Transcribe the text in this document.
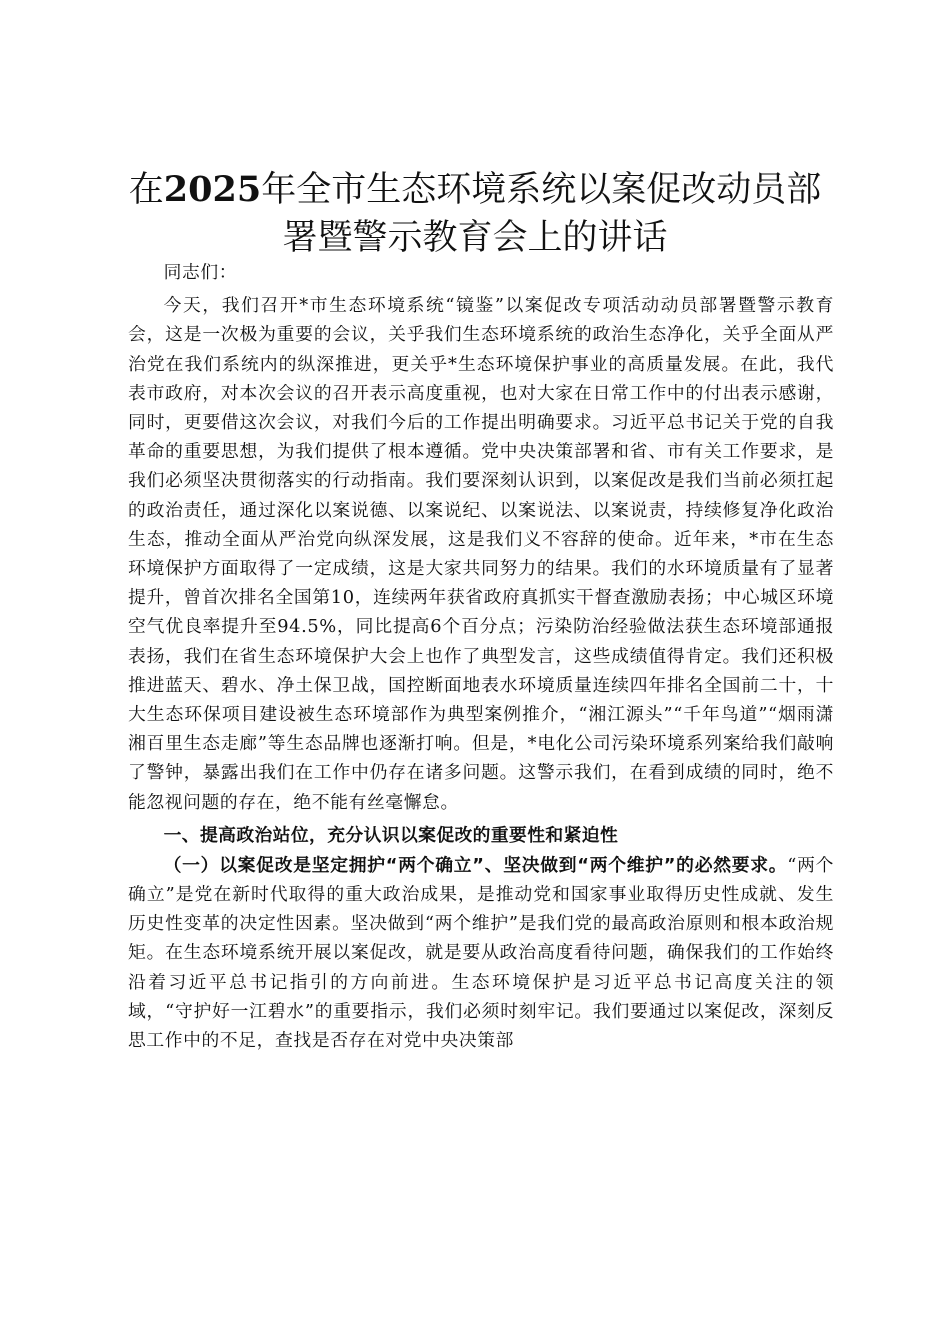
在2025年全市生态环境系统以案促改动员部
署暨警示教育会上的讲话

同志们：

今天，我们召开*市生态环境系统“镜鉴”以案促改专项活动动员部署暨警示教育会，这是一次极为重要的会议，关乎我们生态环境系统的政治生态净化，关乎全面从严治党在我们系统内的纵深推进，更关乎*生态环境保护事业的高质量发展。在此，我代表市政府，对本次会议的召开表示高度重视，也对大家在日常工作中的付出表示感谢，同时，更要借这次会议，对我们今后的工作提出明确要求。习近平总书记关于党的自我革命的重要思想，为我们提供了根本遵循。党中央决策部署和省、市有关工作要求，是我们必须坚决贯彻落实的行动指南。我们要深刻认识到，以案促改是我们当前必须扛起的政治责任，通过深化以案说德、以案说纪、以案说法、以案说责，持续修复净化政治生态，推动全面从严治党向纵深发展，这是我们义不容辞的使命。近年来，*市在生态环境保护方面取得了一定成绩，这是大家共同努力的结果。我们的水环境质量有了显著提升，曾首次排名全国第10，连续两年获省政府真抓实干督查激励表扬；中心城区环境空气优良率提升至94.5%，同比提高6个百分点；污染防治经验做法获生态环境部通报表扬，我们在省生态环境保护大会上也作了典型发言，这些成绩值得肯定。我们还积极推进蓝天、碧水、净土保卫战，国控断面地表水环境质量连续四年排名全国前二十，十大生态环保项目建设被生态环境部作为典型案例推介，“湘江源头”“千年鸟道”“烟雨潇湘百里生态走廊”等生态品牌也逐渐打响。但是，*电化公司污染环境系列案给我们敲响了警钟，暴露出我们在工作中仍存在诸多问题。这警示我们，在看到成绩的同时，绝不能忽视问题的存在，绝不能有丝毫懈怠。

一、提高政治站位，充分认识以案促改的重要性和紧迫性

（一）以案促改是坚定拥护“两个确立”、坚决做到“两个维护”的必然要求。“两个确立”是党在新时代取得的重大政治成果，是推动党和国家事业取得历史性成就、发生历史性变革的决定性因素。坚决做到“两个维护”是我们党的最高政治原则和根本政治规矩。在生态环境系统开展以案促改，就是要从政治高度看待问题，确保我们的工作始终沿着习近平总书记指引的方向前进。生态环境保护是习近平总书记高度关注的领域，“守护好一江碧水”的重要指示，我们必须时刻牢记。我们要通过以案促改，深刻反思工作中的不足，查找是否存在对党中央决策部
